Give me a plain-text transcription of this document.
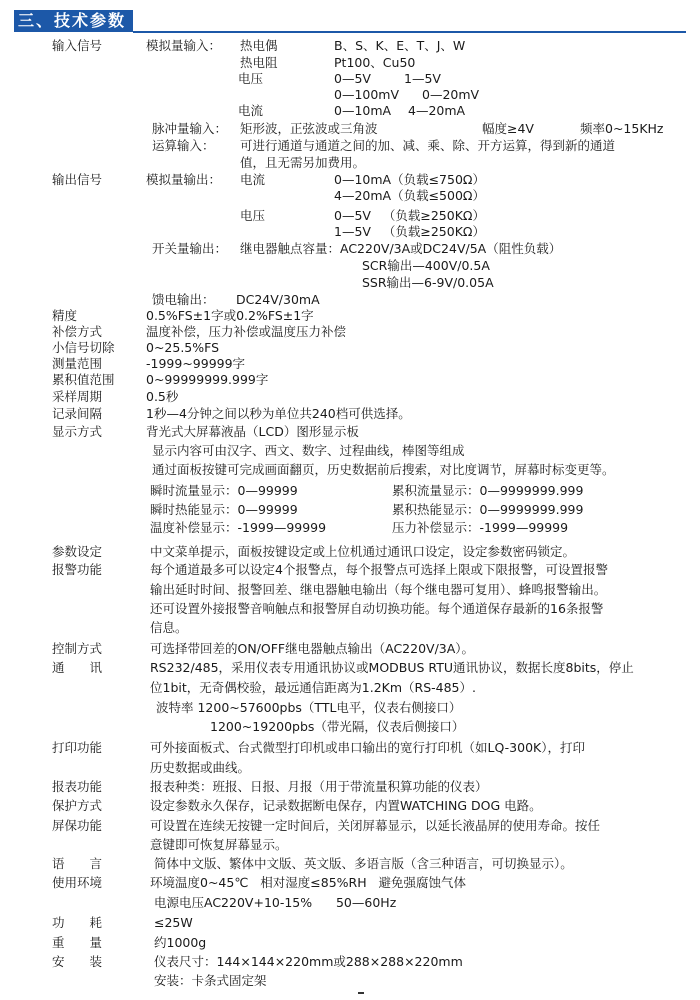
三、技术参数
输入信号	模拟量输入： 热电偶	B、S、K、E、T、J、W
热电阻	Pt100、Cu50
电压	0—5V	1—5V
0—100mV 0—20mV
电流	0—10mA 4—20mA
脉冲量输入： 矩形波，正弦波或三角波	幅度≥4V	频率0~15KHz
运算输入： 可进行通道与通道之间的加、减、乘、除、开方运算，得到新的通道
值，且无需另加费用。
输出信号	模拟量输出： 电流	0—10mA（负载≤750Ω）
4—20mA（负载≤500Ω）
电压	0—5V   （负载≥250KΩ）
1—5V   （负载≥250KΩ）
开关量输出： 继电器触点容量：AC220V/3A或DC24V/5A（阻性负载）
SCR输出—400V/0.5A
SSR输出—6-9V/0.05A
馈电输出： DC24V/30mA
精度	0.5%FS±1字或0.2%FS±1字
补偿方式	温度补偿，压力补偿或温度压力补偿
小信号切除	0~25.5%FS
测量范围	-1999~99999字
累积值范围	0~99999999.999字
采样周期	0.5秒
记录间隔	1秒—4分钟之间以秒为单位共240档可供选择。
显示方式	背光式大屏幕液晶（LCD）图形显示板
显示内容可由汉字、西文、数字、过程曲线，棒图等组成
通过面板按键可完成画面翻页，历史数据前后搜索，对比度调节，屏幕时标变更等。
瞬时流量显示：0—99999	累积流量显示：0—9999999.999
瞬时热能显示：0—99999	累积热能显示：0—9999999.999
温度补偿显示：-1999—99999	压力补偿显示：-1999—99999
参数设定	中文菜单提示，面板按键设定或上位机通过通讯口设定，设定参数密码锁定。
报警功能	每个通道最多可以设定4个报警点，每个报警点可选择上限或下限报警，可设置报警
输出延时时间、报警回差、继电器触电输出（每个继电器可复用）、蜂鸣报警输出。
还可设置外接报警音响触点和报警屏自动切换功能。每个通道保存最新的16条报警
信息。
控制方式	可选择带回差的ON/OFF继电器触点输出（AC220V/3A）。
通　　讯	RS232/485，采用仪表专用通讯协议或MODBUS RTU通讯协议，数据长度8bits，停止
位1bit，无奇偶校验，最远通信距离为1.2Km（RS-485）.
波特率 1200~57600pbs（TTL电平，仪表右侧接口）
1200~19200pbs（带光隔，仪表后侧接口）
打印功能	可外接面板式、台式微型打印机或串口输出的宽行打印机（如LQ-300K），打印
历史数据或曲线。
报表功能	报表种类：班报、日报、月报（用于带流量积算功能的仪表）
保护方式	设定参数永久保存，记录数据断电保存，内置WATCHING DOG 电路。
屏保功能	可设置在连续无按键一定时间后，关闭屏幕显示，以延长液晶屏的使用寿命。按任
意键即可恢复屏幕显示。
语　　言	简体中文版、繁体中文版、英文版、多语言版（含三种语言，可切换显示）。
使用环境	环境温度0~45℃   相对湿度≤85%RH   避免强腐蚀气体
电源电压AC220V+10-15%      50—60Hz
功　　耗	≤25W
重　　量	约1000g
安　　装	仪表尺寸：144×144×220mm或288×288×220mm
安装：卡条式固定架
